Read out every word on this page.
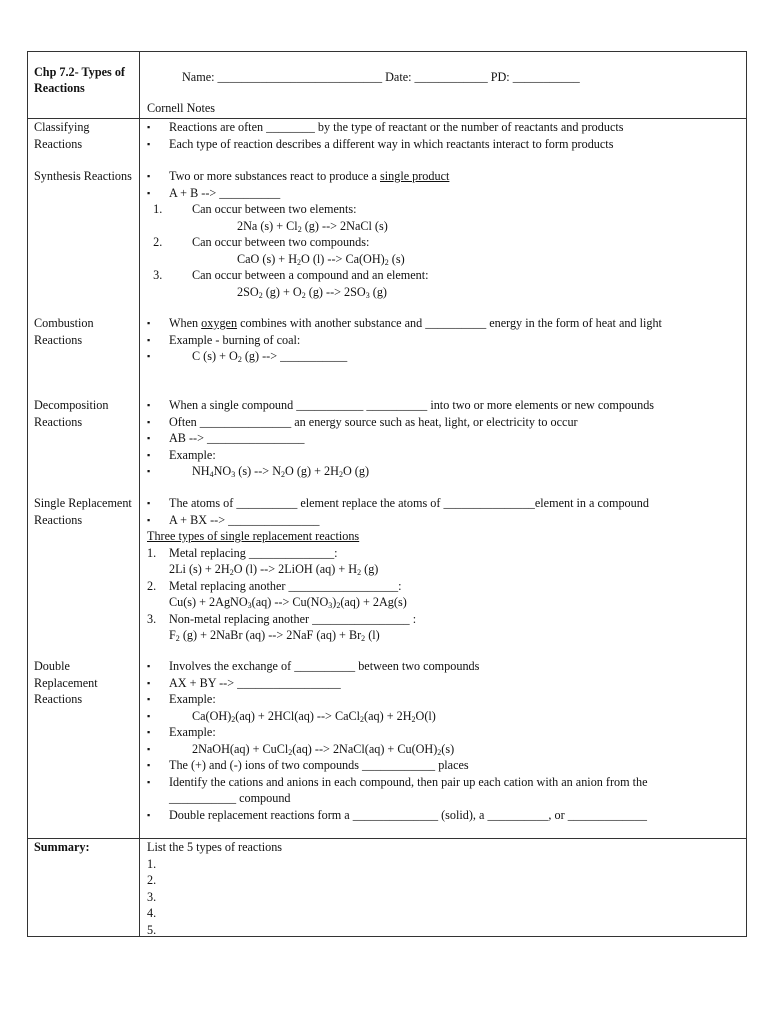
Chp 7.2- Types of Reactions
Name: ___________________________ Date: ____________ PD: ___________
Cornell Notes
Classifying Reactions
▪
Reactions are often ________ by the type of reactant or the number of reactants and products
▪
Each type of reaction describes a different way in which reactants interact to form products
Synthesis Reactions
▪	Two or more substances react to produce a single product
▪
A + B --> __________
1. Can occur between two elements:
2Na $(s) + Cl_2$ (g) --> 2NaCl (s)
2. Can occur between two compounds:
CaO $(s) + H_2O$ (l) --> $Ca(OH)_2$ (s)
3. Can occur between a compound and an element:
$2SO_2$ $(g) + O_2$ (g) --> $2SO_3$ (g)
Combustion Reactions
▪
When oxygen combines with another substance and __________ energy in the form of heat and light
▪
Example - burning of coal:
▪
C $(s) + O_2$ (g) --> ___________
Decomposition Reactions
▪
When a single compound ___________ __________ into two or more elements or new compounds
▪
Often _______________ an energy source such as heat, light, or electricity to occur
▪
AB --> ________________
▪
Example:
▪
$NH_4NO_3$ (s) --> $N_2O$ $(g) + 2H_2O$ (g)
Single Replacement Reactions
▪
The atoms of __________ element replace the atoms of _______________element in a compound
▪
A + BX --> _______________
Three types of single replacement reactions
1. Metal replacing ______________:
2Li $(s) + 2H_2O$ (l) --> 2LiOH $(aq) + H_2$ (g)
2. Metal replacing another __________________:
Cu(s) + 2AgNO$_3$(aq) --> $Cu(NO_3)_2(aq) + 2Ag(s)$
3. Non-metal replacing another ________________ :
$F_2$ (g) + 2NaBr (aq) --> 2NaF $(aq) + Br_2$ (l)
Double Replacement Reactions
▪
Involves the exchange of __________ between two compounds
▪
AX + BY --> _________________
▪
Example:
▪
$Ca(OH)_2(aq) + 2HCl(aq)$ --> CaCl$_2$(aq) + $2H_2O(l)$
▪
Example:
▪
2NaOH(aq) + CuCl$_2$(aq) --> 2NaCl(aq) + $Cu(OH)_2(s)$
▪
The (+) and (-) ions of two compounds ____________ places
▪
Identify the cations and anions in each compound, then pair up each cation with an anion from the
___________ compound
▪
Double replacement reactions form a ______________ (solid), a __________, or _____________
Summary:	List the 5 types of reactions
1.
2.
3.
4.
5.
